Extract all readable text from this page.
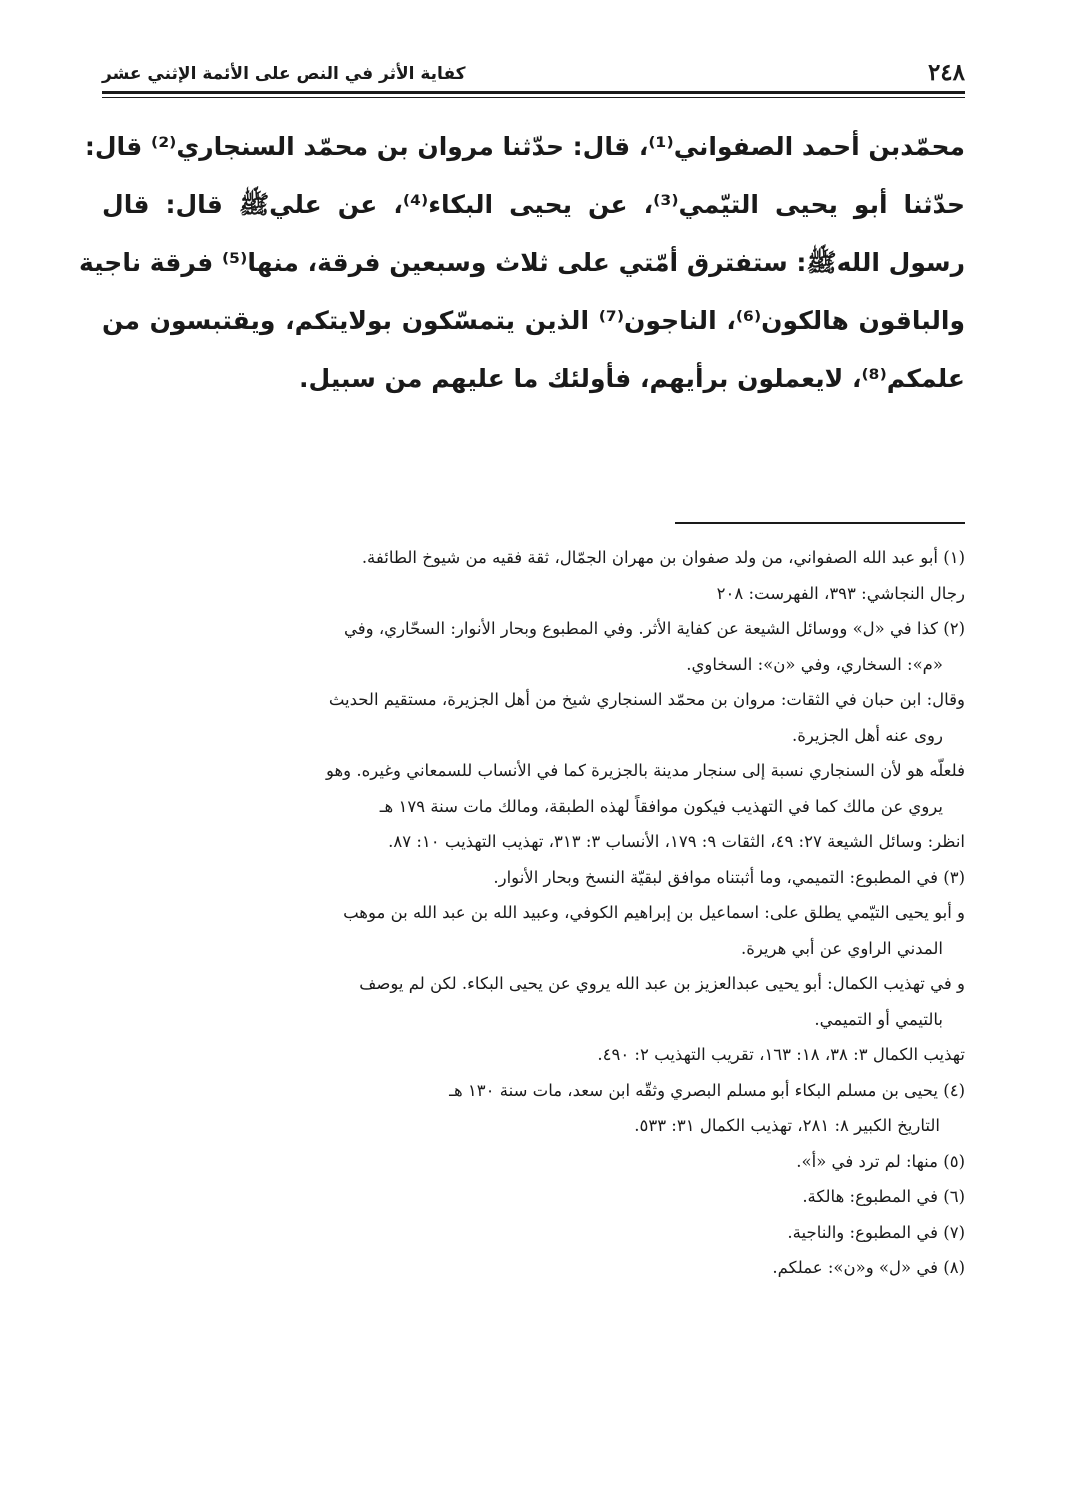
٢٤٨
كفاية الأثر في النص على الأئمة الإثني عشر
محمّدبن أحمد الصفواني⁽¹⁾، قال: حدّثنا مروان بن محمّد السنجاري⁽²⁾ قال:
حدّثنا أبو يحيى التيّمي⁽³⁾، عن يحيى البكاء⁽⁴⁾، عن عليﷺ قال: قال
رسول اللهﷺ: ستفترق أمّتي على ثلاث وسبعين فرقة، منها⁽⁵⁾ فرقة ناجية
والباقون هالكون⁽⁶⁾، الناجون⁽⁷⁾ الذين يتمسّكون بولايتكم، ويقتبسون من
علمكم⁽⁸⁾، لايعملون برأيهم، فأولئك ما عليهم من سبيل.
(١) أبو عبد الله الصفواني، من ولد صفوان بن مهران الجمّال، ثقة فقيه من شيوخ الطائفة.
رجال النجاشي: ٣٩٣، الفهرست: ٢٠٨
(٢) كذا في «ل» ووسائل الشيعة عن كفاية الأثر. وفي المطبوع وبحار الأنوار: السحّاري، وفي
«م»: السخاري، وفي «ن»: السخاوي.
وقال: ابن حبان في الثقات: مروان بن محمّد السنجاري شيخ من أهل الجزيرة، مستقيم الحديث
روى عنه أهل الجزيرة.
فلعلّه هو لأن السنجاري نسبة إلى سنجار مدينة بالجزيرة كما في الأنساب للسمعاني وغيره. وهو
يروي عن مالك كما في التهذيب فيكون موافقاً لهذه الطبقة، ومالك مات سنة ١٧٩ هـ
انظر: وسائل الشيعة ٢٧: ٤٩، الثقات ٩: ١٧٩، الأنساب ٣: ٣١٣، تهذيب التهذيب ١٠: ٨٧.
(٣) في المطبوع: التميمي، وما أثبتناه موافق لبقيّة النسخ وبحار الأنوار.
و أبو يحيى التيّمي يطلق على: اسماعيل بن إبراهيم الكوفي، وعبيد الله بن عبد الله بن موهب
المدني الراوي عن أبي هريرة.
و في تهذيب الكمال: أبو يحيى عبدالعزيز بن عبد الله يروي عن يحيى البكاء. لكن لم يوصف
بالتيمي أو التميمي.
تهذيب الكمال ٣: ٣٨، ١٨: ١٦٣، تقريب التهذيب ٢: ٤٩٠.
(٤) يحيى بن مسلم البكاء أبو مسلم البصري وثقّه ابن سعد، مات سنة ١٣٠ هـ
التاريخ الكبير ٨: ٢٨١، تهذيب الكمال ٣١: ٥٣٣.
(٥) منها: لم ترد في «أ».
(٦) في المطبوع: هالكة.
(٧) في المطبوع: والناجية.
(٨) في «ل» و«ن»: عملكم.
